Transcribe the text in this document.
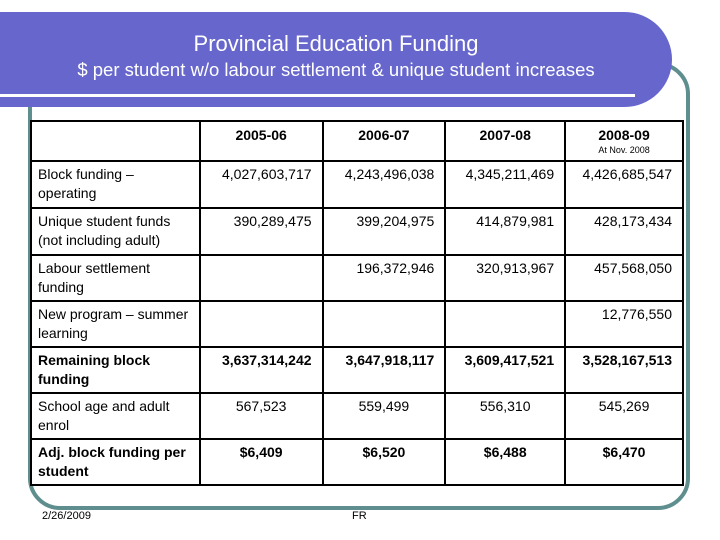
Provincial Education Funding
$ per student w/o labour settlement & unique student increases
	2005-06	2006-07	2007-08	2008-09
At Nov. 2008

Block funding – operating	4,027,603,717	4,243,496,038	4,345,211,469	4,426,685,547
Unique student funds (not including adult)	390,289,475	399,204,975	414,879,981	428,173,434
Labour settlement funding		196,372,946	320,913,967	457,568,050
New program – summer learning				12,776,550
Remaining block funding	3,637,314,242	3,647,918,117	3,609,417,521	3,528,167,513
School age and adult enrol	567,523	559,499	556,310	545,269
Adj. block funding per student	$6,409	$6,520	$6,488	$6,470
2/26/2009	FR
